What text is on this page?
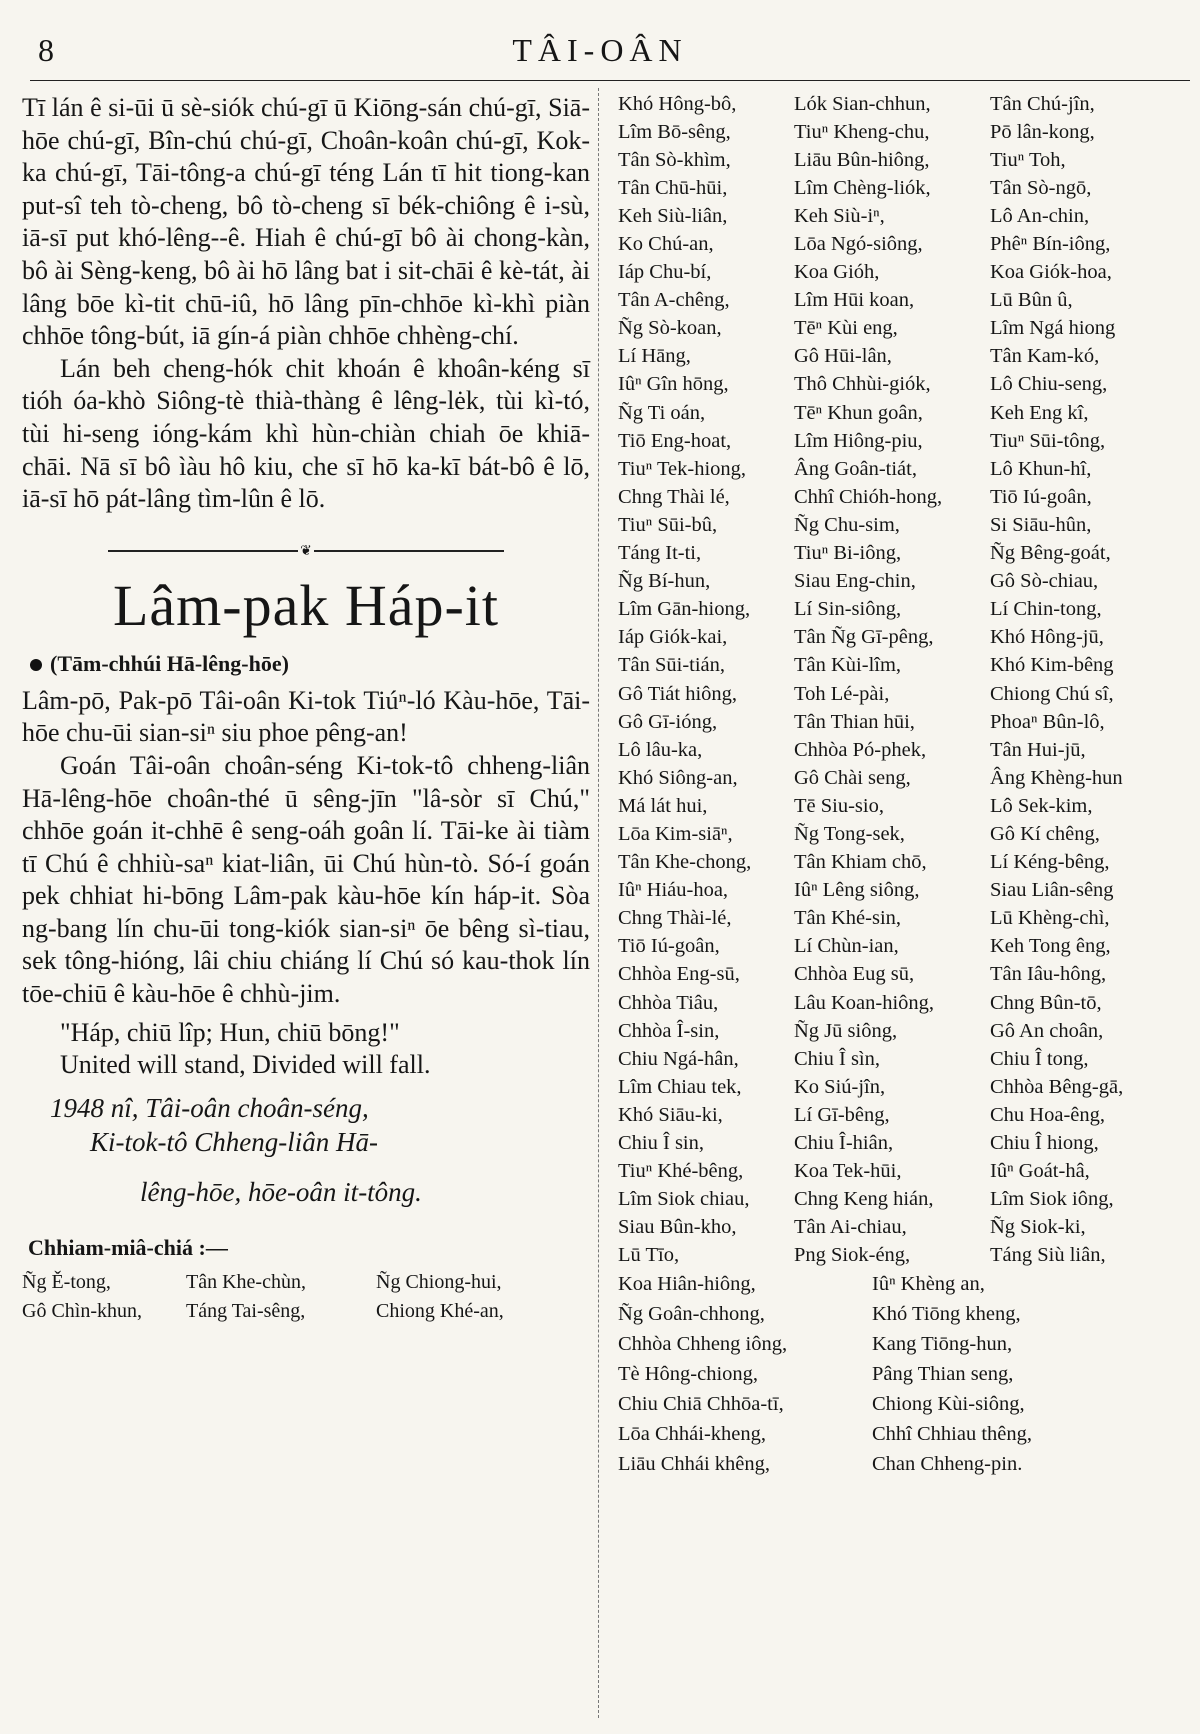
8	TÂI-OÂN

Tī lán ê si-ūi ū sè-siók chú-gī ū Kiōng-sán chú-gī, Siā-hōe chú-gī, Bîn-chú chú-gī, Choân-koân chú-gī, Kok-ka chú-gī, Tāi-tông-a chú-gī téng Lán tī hit tiong-kan put-sî teh tò-cheng, bô tò-cheng sī bék-chiông ê i-sù, iā-sī put khó-lêng--ê. Hiah ê chú-gī bô ài chong-kàn, bô ài Sèng-keng, bô ài hō lâng bat i sit-chāi ê kè-tát, ài lâng bōe kì-tit chū-iû, hō lâng pīn-chhōe kì-khì piàn chhōe tông-bút, iā gín-á piàn chhōe chhèng-chí.

Lán beh cheng-hók chit khoán ê khoân-kéng sī tióh óa-khò Siông-tè thià-thàng ê lêng-lėk, tùi kì-tó, tùi hi-seng ióng-kám khì hùn-chiàn chiah ōe khiā-chāi. Nā sī bô ìàu hô kiu, che sī hō ka-kī bát-bô ê lō, iā-sī hō pát-lâng tìm-lûn ê lō.

❦
Lâm-pak Háp-it
(Tām-chhúi Hā-lêng-hōe)

Lâm-pō, Pak-pō Tâi-oân Ki-tok Tiúⁿ-ló Kàu-hōe, Tāi-hōe chu-ūi sian-siⁿ siu phoe pêng-an!

Goán Tâi-oân choân-séng Ki-tok-tô chheng-liân Hā-lêng-hōe choân-thé ū sêng-jīn "lâ-sòr sī Chú," chhōe goán it-chhē ê seng-oáh goân lí. Tāi-ke ài tiàm tī Chú ê chhiù-saⁿ kiat-liân, ūi Chú hùn-tò. Só-í goán pek chhiat hi-bōng Lâm-pak kàu-hōe kín háp-it. Sòa ng-bang lín chu-ūi tong-kiók sian-siⁿ ōe bêng sì-tiau, sek tông-hióng, lâi chiu chiáng lí Chú só kau-thok lín tōe-chiū ê kàu-hōe ê chhù-jim.

"Háp, chiū lîp; Hun, chiū bōng!"
United will stand, Divided will fall.
1948 nî, Tâi-oân choân-séng,
Ki-tok-tô Chheng-liân Hā-
lêng-hōe, hōe-oân it-tông.
Chhiam-miâ-chiá :—
Ñg Ě-tong,	Tân Khe-chùn,	Ñg Chiong-hui,
Gô Chìn-khun,	Táng Tai-sêng,	Chiong Khé-an,
Khó Hông-bô,	Lók Sian-chhun,	Tân Chú-jîn,
Lîm Bō-sêng,	Tiuⁿ Kheng-chu,	Pō lân-kong,
Tân Sò-khìm,	Liāu Bûn-hiông,	Tiuⁿ Toh,
Tân Chū-hūi,	Lîm Chèng-liók,	Tân Sò-ngō,
Keh Siù-liân,	Keh Siù-iⁿ,	Lô An-chin,
Ko Chú-an,	Lōa Ngó-siông,	Phêⁿ Bín-iông,
Iáp Chu-bí,	Koa Gióh,	Koa Giók-hoa,
Tân A-chêng,	Lîm Hūi koan,	Lū Bûn û,
Ñg Sò-koan,	Tēⁿ Kùi eng,	Lîm Ngá hiong
Lí Hāng,	Gô Hūi-lân,	Tân Kam-kó,
Iûⁿ Gîn hōng,	Thô Chhùi-giók,	Lô Chiu-seng,
Ñg Ti oán,	Tēⁿ Khun goân,	Keh Eng kî,
Tiō Eng-hoat,	Lîm Hiông-piu,	Tiuⁿ Sūi-tông,
Tiuⁿ Tek-hiong,	Âng Goân-tiát,	Lô Khun-hî,
Chng Thài lé,	Chhî Chióh-hong,	Tiō Iú-goân,
Tiuⁿ Sūi-bû,	Ñg Chu-sim,	Si Siāu-hûn,
Táng It-ti,	Tiuⁿ Bi-iông,	Ñg Bêng-goát,
Ñg Bí-hun,	Siau Eng-chin,	Gô Sò-chiau,
Lîm Gān-hiong,	Lí Sin-siông,	Lí Chin-tong,
Iáp Giók-kai,	Tân Ñg Gī-pêng,	Khó Hông-jū,
Tân Sūi-tián,	Tân Kùi-lîm,	Khó Kim-bêng
Gô Tiát hiông,	Toh Lé-pài,	Chiong Chú sî,
Gô Gī-ióng,	Tân Thian hūi,	Phoaⁿ Bûn-lô,
Lô lâu-ka,	Chhòa Pó-phek,	Tân Hui-jū,
Khó Siông-an,	Gô Chài seng,	Âng Khèng-hun
Má lát hui,	Tē Siu-sio,	Lô Sek-kim,
Lōa Kim-siāⁿ,	Ñg Tong-sek,	Gô Kí chêng,
Tân Khe-chong,	Tân Khiam chō,	Lí Kéng-bêng,
Iûⁿ Hiáu-hoa,	Iûⁿ Lêng siông,	Siau Liân-sêng
Chng Thài-lé,	Tân Khé-sin,	Lū Khèng-chì,
Tiō Iú-goân,	Lí Chùn-ian,	Keh Tong êng,
Chhòa Eng-sū,	Chhòa Eug sū,	Tân Iâu-hông,
Chhòa Tiâu,	Lâu Koan-hiông,	Chng Bûn-tō,
Chhòa Î-sin,	Ñg Jū siông,	Gô An choân,
Chiu Ngá-hân,	Chiu Î sìn,	Chiu Î tong,
Lîm Chiau tek,	Ko Siú-jîn,	Chhòa Bêng-gā,
Khó Siāu-ki,	Lí Gī-bêng,	Chu Hoa-êng,
Chiu Î sin,	Chiu Î-hiân,	Chiu Î hiong,
Tiuⁿ Khé-bêng,	Koa Tek-hūi,	Iûⁿ Goát-hâ,
Lîm Siok chiau,	Chng Keng hián,	Lîm Siok iông,
Siau Bûn-kho,	Tân Ai-chiau,	Ñg Siok-ki,
Lū Tīo,	Png Siok-éng,	Táng Siù liân,
Koa Hiân-hiông,	Iûⁿ Khèng an,
Ñg Goân-chhong,	Khó Tiōng kheng,
Chhòa Chheng iông,	Kang Tiōng-hun,
Tè Hông-chiong,	Pâng Thian seng,
Chiu Chiā Chhōa-tī,	Chiong Kùi-siông,
Lōa Chhái-kheng,	Chhî Chhiau thêng,
Liāu Chhái khêng,	Chan Chheng-pin.
